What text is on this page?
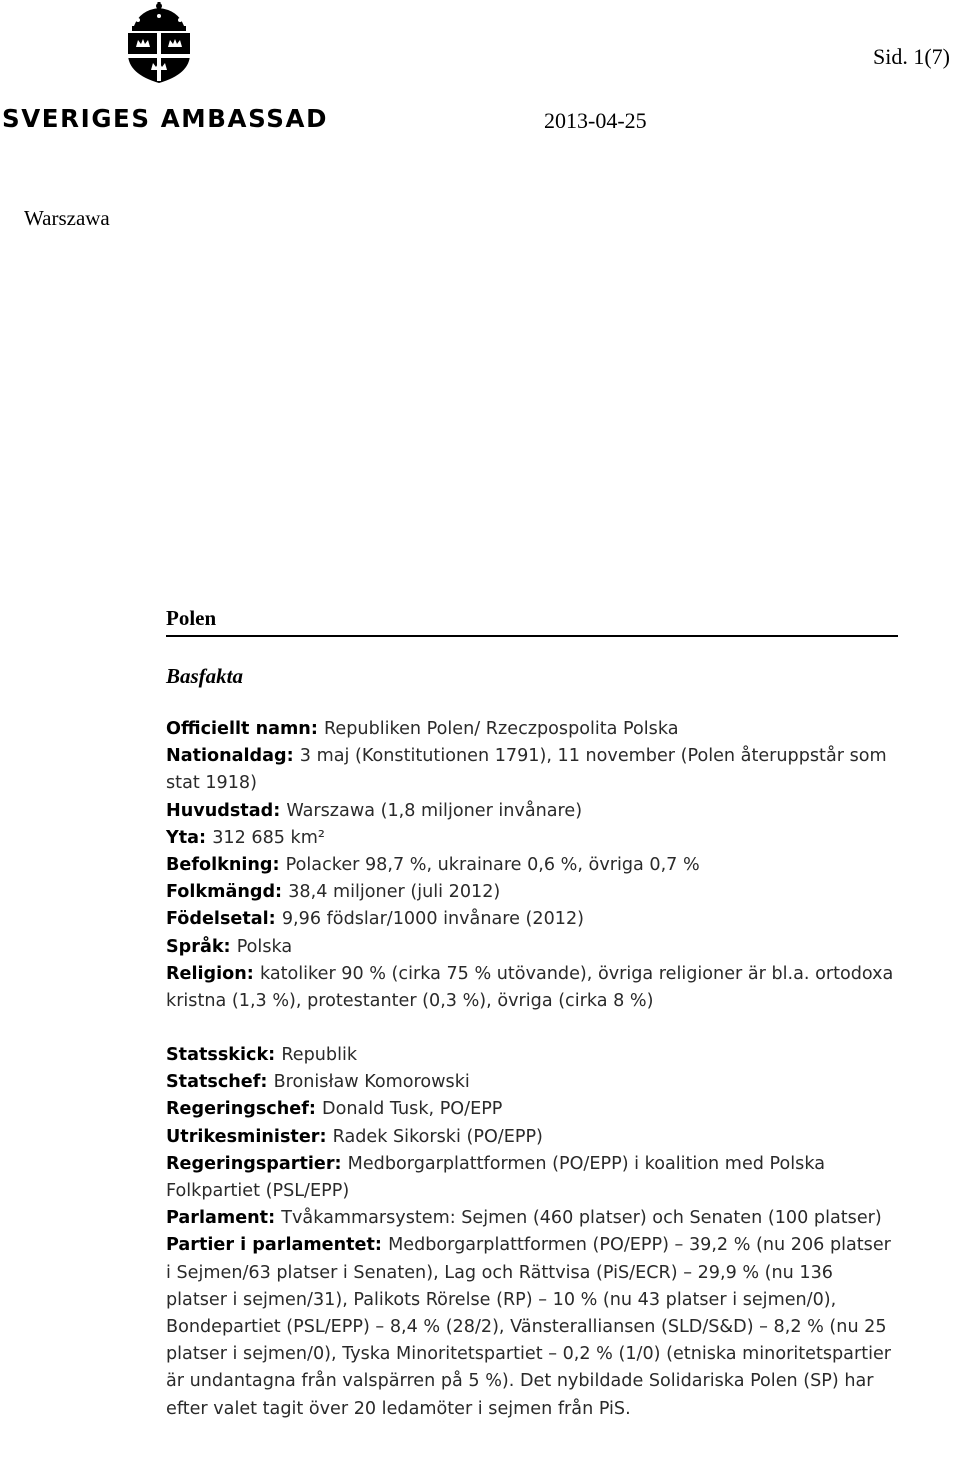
SVERIGES AMBASSAD
Sid. 1(7)
2013-04-25
Warszawa
Polen
Basfakta
Officiellt namn: Republiken Polen/ Rzeczpospolita Polska
Nationaldag: 3 maj (Konstitutionen 1791), 11 november (Polen återuppstår som stat 1918)
Huvudstad: Warszawa (1,8 miljoner invånare)
Yta: 312 685 km²
Befolkning: Polacker 98,7 %, ukrainare 0,6 %, övriga 0,7 %
Folkmängd: 38,4 miljoner (juli 2012)
Födelsetal: 9,96 födslar/1000 invånare (2012)
Språk: Polska
Religion: katoliker 90 % (cirka 75 % utövande), övriga religioner är bl.a. ortodoxa kristna (1,3 %), protestanter (0,3 %), övriga (cirka 8 %)
Statsskick: Republik
Statschef: Bronisław Komorowski
Regeringschef: Donald Tusk, PO/EPP
Utrikesminister: Radek Sikorski (PO/EPP)
Regeringspartier: Medborgarplattformen (PO/EPP) i koalition med Polska Folkpartiet (PSL/EPP)
Parlament: Tvåkammarsystem: Sejmen (460 platser) och Senaten (100 platser)
Partier i parlamentet: Medborgarplattformen (PO/EPP) – 39,2 % (nu 206 platser i Sejmen/63 platser i Senaten), Lag och Rättvisa (PiS/ECR) – 29,9 % (nu 136 platser i sejmen/31), Palikots Rörelse (RP) – 10 % (nu 43 platser i sejmen/0), Bondepartiet (PSL/EPP) – 8,4 % (28/2), Vänsteralliansen (SLD/S&D) – 8,2 % (nu 25 platser i sejmen/0), Tyska Minoritetspartiet – 0,2 % (1/0) (etniska minoritetspartier är undantagna från valspärren på 5 %). Det nybildade Solidariska Polen (SP) har efter valet tagit över 20 ledamöter i sejmen från PiS.
